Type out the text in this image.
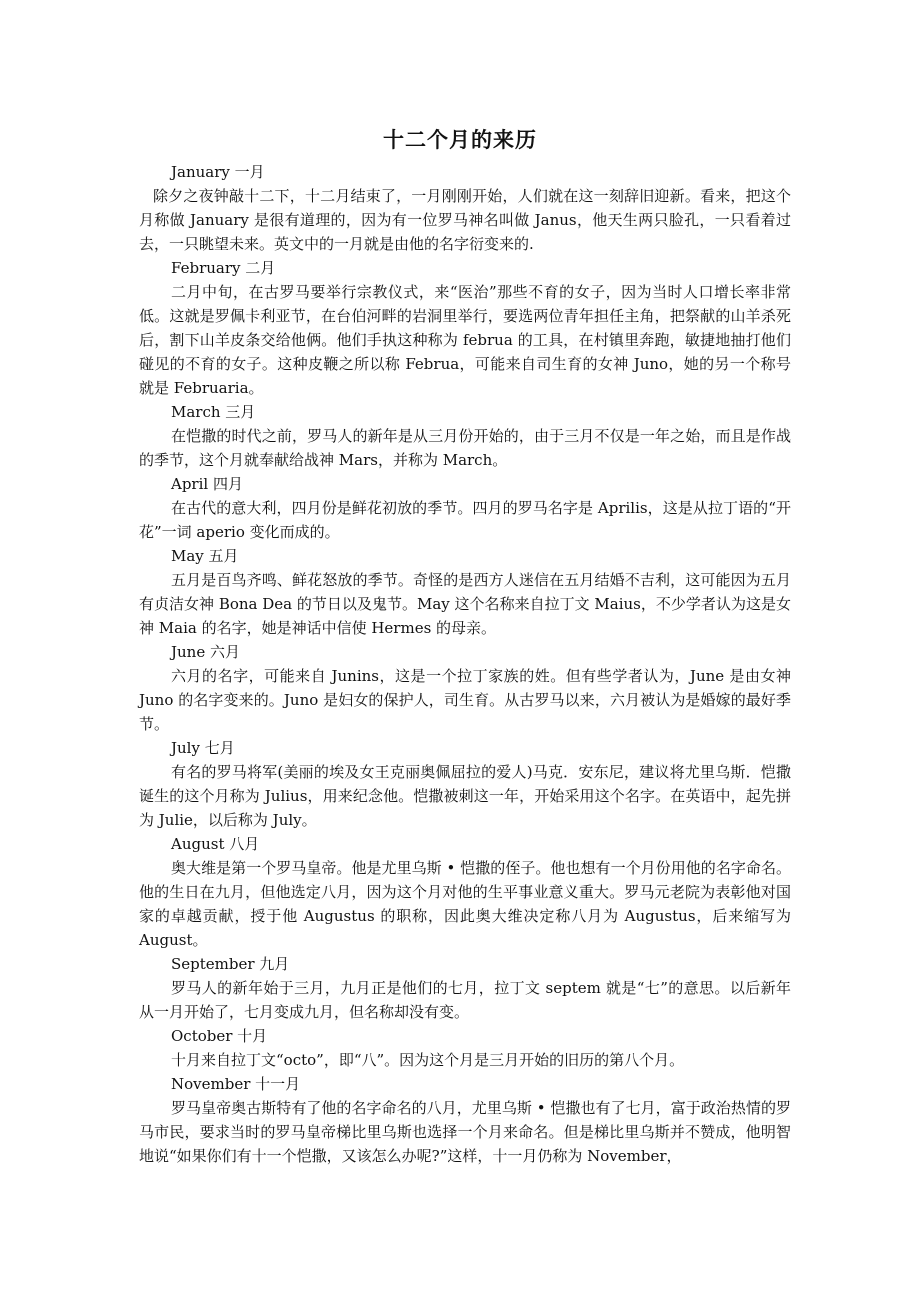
十二个月的来历

January 一月

除夕之夜钟敲十二下，十二月结束了，一月刚刚开始，人们就在这一刻辞旧迎新。看来，把这个月称做 January 是很有道理的，因为有一位罗马神名叫做 Janus，他天生两只脸孔，一只看着过去，一只眺望未来。英文中的一月就是由他的名字衍变来的.

February 二月

二月中旬，在古罗马要举行宗教仪式，来“医治”那些不育的女子，因为当时人口增长率非常低。这就是罗佩卡利亚节，在台伯河畔的岩洞里举行，要选两位青年担任主角，把祭献的山羊杀死后，割下山羊皮条交给他俩。他们手执这种称为 februa 的工具，在村镇里奔跑，敏捷地抽打他们碰见的不育的女子。这种皮鞭之所以称 Februa，可能来自司生育的女神 Juno，她的另一个称号就是 Februaria。

March 三月

在恺撒的时代之前，罗马人的新年是从三月份开始的，由于三月不仅是一年之始，而且是作战的季节，这个月就奉献给战神 Mars，并称为 March。

April 四月

在古代的意大利，四月份是鲜花初放的季节。四月的罗马名字是 Aprilis，这是从拉丁语的“开花”一词 aperio 变化而成的。

May 五月

五月是百鸟齐鸣、鲜花怒放的季节。奇怪的是西方人迷信在五月结婚不吉利，这可能因为五月有贞洁女神 Bona Dea 的节日以及鬼节。May 这个名称来自拉丁文 Maius，不少学者认为这是女神 Maia 的名字，她是神话中信使 Hermes 的母亲。

June 六月

六月的名字，可能来自 Junins，这是一个拉丁家族的姓。但有些学者认为，June 是由女神 Juno 的名字变来的。Juno 是妇女的保护人，司生育。从古罗马以来，六月被认为是婚嫁的最好季节。

July 七月

有名的罗马将军(美丽的埃及女王克丽奥佩屈拉的爱人)马克．安东尼，建议将尤里乌斯．恺撒诞生的这个月称为 Julius，用来纪念他。恺撒被刺这一年，开始采用这个名字。在英语中，起先拼为 Julie，以后称为 July。

August 八月

奥大维是第一个罗马皇帝。他是尤里乌斯 • 恺撒的侄子。他也想有一个月份用他的名字命名。他的生日在九月，但他选定八月，因为这个月对他的生平事业意义重大。罗马元老院为表彰他对国家的卓越贡献，授于他 Augustus 的职称，因此奥大维决定称八月为 Augustus，后来缩写为 August。

September 九月

罗马人的新年始于三月，九月正是他们的七月，拉丁文 septem 就是“七”的意思。以后新年从一月开始了，七月变成九月，但名称却没有变。

October 十月

十月来自拉丁文“octo”，即“八”。因为这个月是三月开始的旧历的第八个月。

November 十一月

罗马皇帝奥古斯特有了他的名字命名的八月，尤里乌斯 • 恺撒也有了七月，富于政治热情的罗马市民，要求当时的罗马皇帝梯比里乌斯也选择一个月来命名。但是梯比里乌斯并不赞成，他明智地说“如果你们有十一个恺撒，又该怎么办呢?”这样，十一月仍称为 November，
